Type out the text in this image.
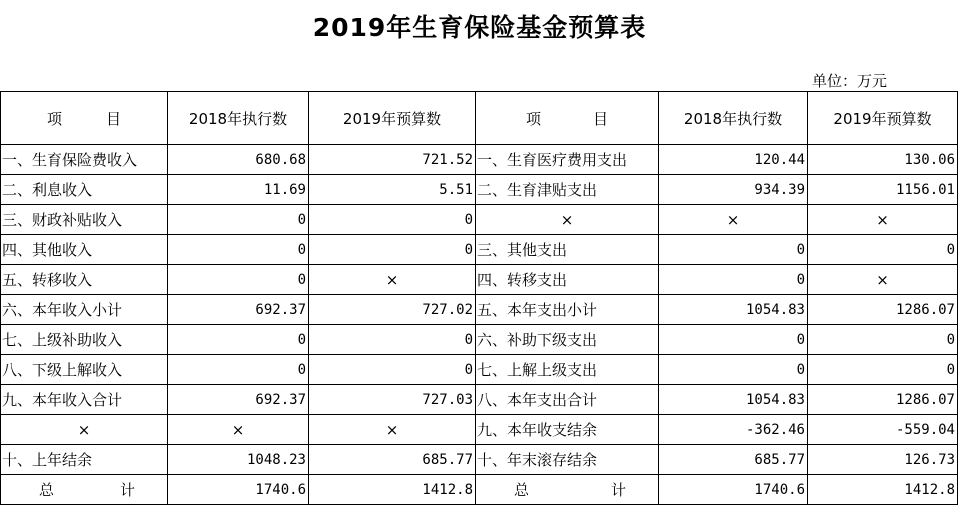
2019年生育保险基金预算表
单位：万元
项 目	2018年执行数	2019年预算数	项 目	2018年执行数	2019年预算数
一、生育保险费收入	680.68	721.52	一、生育医疗费用支出	120.44	130.06
二、利息收入	11.69	5.51	二、生育津贴支出	934.39	1156.01
三、财政补贴收入	0	0	×	×	×
四、其他收入	0	0	三、其他支出	0	0
五、转移收入	0	×	四、转移支出	0	×
六、本年收入小计	692.37	727.02	五、本年支出小计	1054.83	1286.07
七、上级补助收入	0	0	六、补助下级支出	0	0
八、下级上解收入	0	0	七、上解上级支出	0	0
九、本年收入合计	692.37	727.03	八、本年支出合计	1054.83	1286.07
×	×	×	九、本年收支结余	-362.46	-559.04
十、上年结余	1048.23	685.77	十、年末滚存结余	685.77	126.73

总 计	1740.6	1412.8	总 计	1740.6	1412.8
